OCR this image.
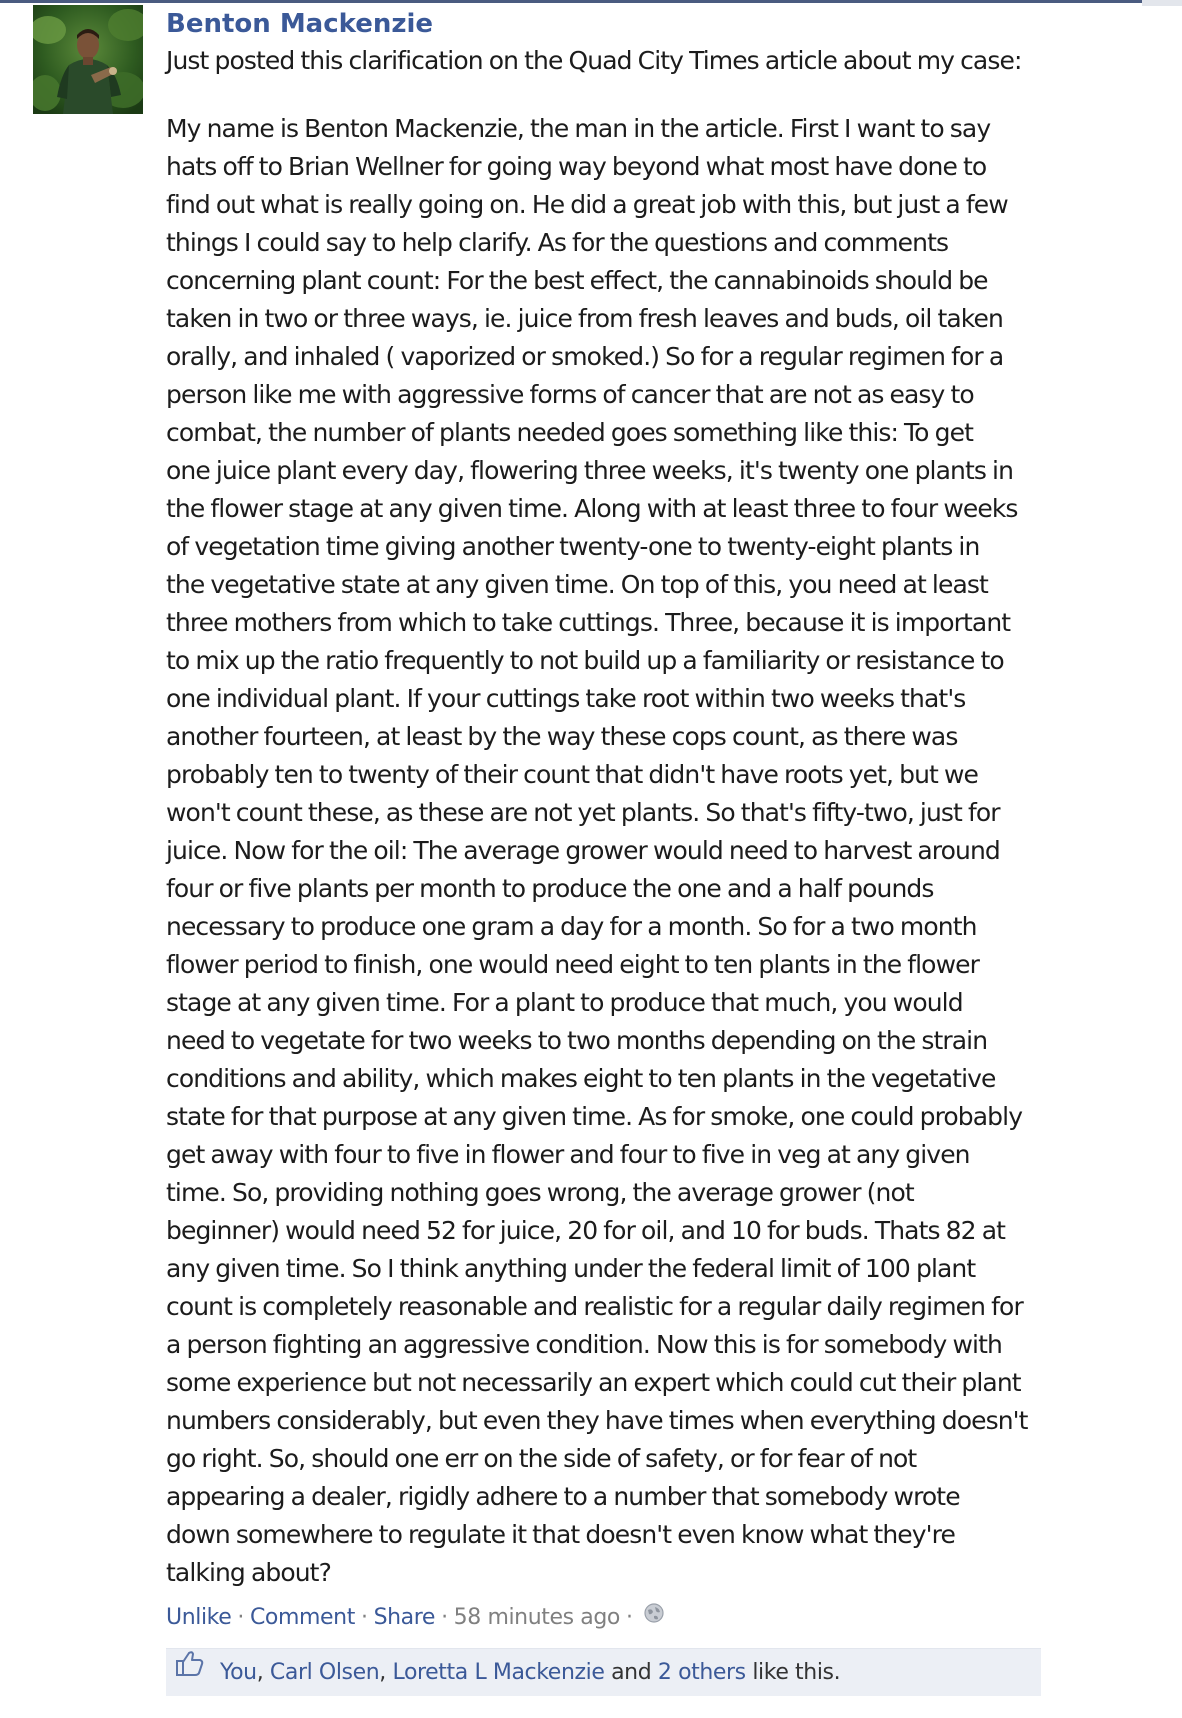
Benton Mackenzie

Just posted this clarification on the Quad City Times article about my case:

My name is Benton Mackenzie, the man in the article. First I want to say
hats off to Brian Wellner for going way beyond what most have done to
find out what is really going on. He did a great job with this, but just a few
things I could say to help clarify. As for the questions and comments
concerning plant count: For the best effect, the cannabinoids should be
taken in two or three ways, ie. juice from fresh leaves and buds, oil taken
orally, and inhaled ( vaporized or smoked.) So for a regular regimen for a
person like me with aggressive forms of cancer that are not as easy to
combat, the number of plants needed goes something like this: To get
one juice plant every day, flowering three weeks, it's twenty one plants in
the flower stage at any given time. Along with at least three to four weeks
of vegetation time giving another twenty-one to twenty-eight plants in
the vegetative state at any given time. On top of this, you need at least
three mothers from which to take cuttings. Three, because it is important
to mix up the ratio frequently to not build up a familiarity or resistance to
one individual plant. If your cuttings take root within two weeks that's
another fourteen, at least by the way these cops count, as there was
probably ten to twenty of their count that didn't have roots yet, but we
won't count these, as these are not yet plants. So that's fifty-two, just for
juice. Now for the oil: The average grower would need to harvest around
four or five plants per month to produce the one and a half pounds
necessary to produce one gram a day for a month. So for a two month
flower period to finish, one would need eight to ten plants in the flower
stage at any given time. For a plant to produce that much, you would
need to vegetate for two weeks to two months depending on the strain
conditions and ability, which makes eight to ten plants in the vegetative
state for that purpose at any given time. As for smoke, one could probably
get away with four to five in flower and four to five in veg at any given
time. So, providing nothing goes wrong, the average grower (not
beginner) would need 52 for juice, 20 for oil, and 10 for buds. Thats 82 at
any given time. So I think anything under the federal limit of 100 plant
count is completely reasonable and realistic for a regular daily regimen for
a person fighting an aggressive condition. Now this is for somebody with
some experience but not necessarily an expert which could cut their plant
numbers considerably, but even they have times when everything doesn't
go right. So, should one err on the side of safety, or for fear of not
appearing a dealer, rigidly adhere to a number that somebody wrote
down somewhere to regulate it that doesn't even know what they're
talking about?
Unlike · Comment · Share · 58 minutes ago ·
You, Carl Olsen, Loretta L Mackenzie and 2 others like this.
